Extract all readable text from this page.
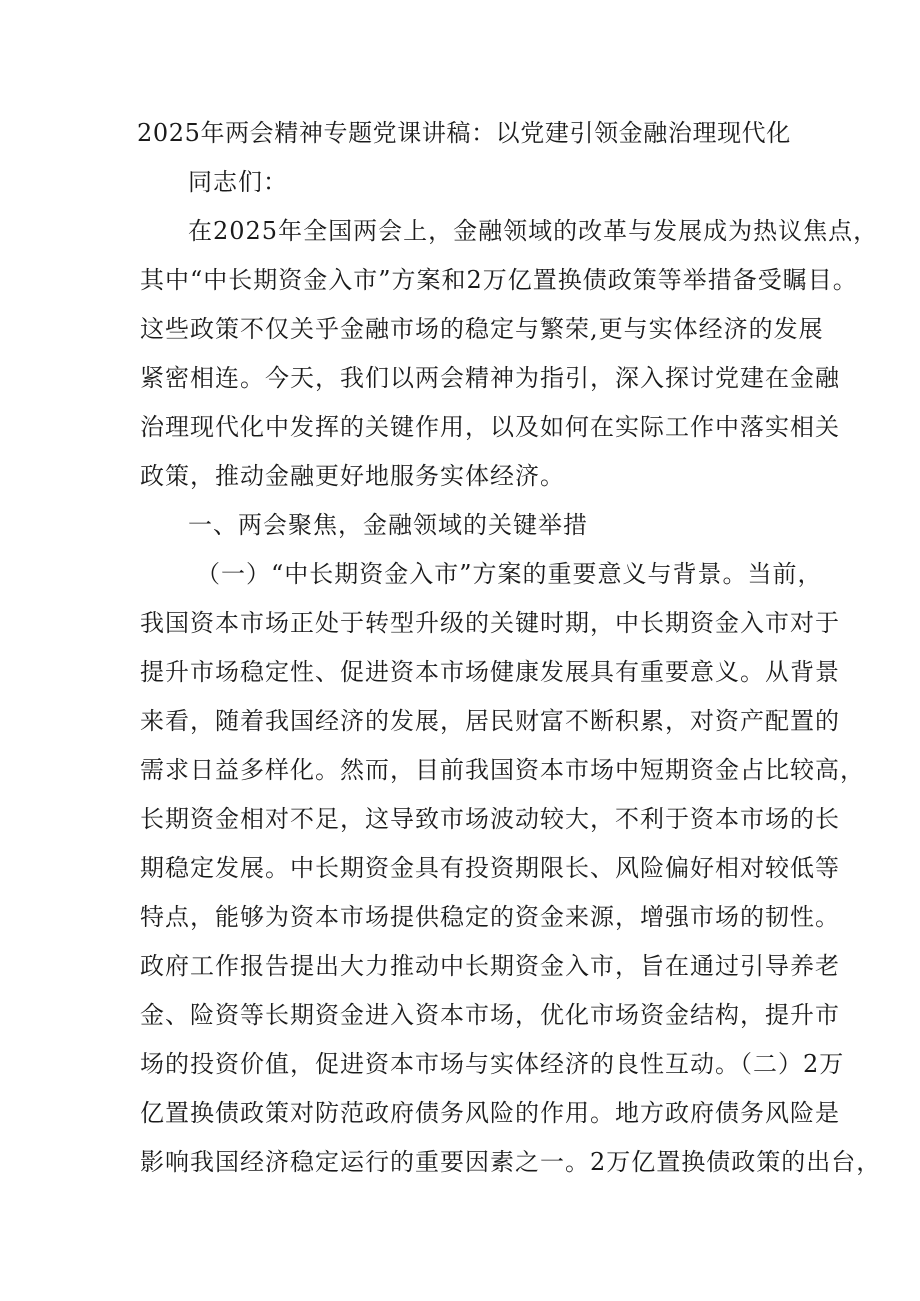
2025年两会精神专题党课讲稿：以党建引领金融治理现代化
同志们：
在2025年全国两会上，金融领域的改革与发展成为热议焦点，
其中“中长期资金入市”方案和2万亿置换债政策等举措备受瞩目。
这些政策不仅关乎金融市场的稳定与繁荣,更与实体经济的发展
紧密相连。今天，我们以两会精神为指引，深入探讨党建在金融
治理现代化中发挥的关键作用，以及如何在实际工作中落实相关
政策，推动金融更好地服务实体经济。
一、两会聚焦，金融领域的关键举措
（一）“中长期资金入市”方案的重要意义与背景。当前，
我国资本市场正处于转型升级的关键时期，中长期资金入市对于
提升市场稳定性、促进资本市场健康发展具有重要意义。从背景
来看，随着我国经济的发展，居民财富不断积累，对资产配置的
需求日益多样化。然而，目前我国资本市场中短期资金占比较高，
长期资金相对不足，这导致市场波动较大，不利于资本市场的长
期稳定发展。中长期资金具有投资期限长、风险偏好相对较低等
特点，能够为资本市场提供稳定的资金来源，增强市场的韧性。
政府工作报告提出大力推动中长期资金入市，旨在通过引导养老
金、险资等长期资金进入资本市场，优化市场资金结构，提升市
场的投资价值，促进资本市场与实体经济的良性互动。（二）2万
亿置换债政策对防范政府债务风险的作用。地方政府债务风险是
影响我国经济稳定运行的重要因素之一。2万亿置换债政策的出台，
